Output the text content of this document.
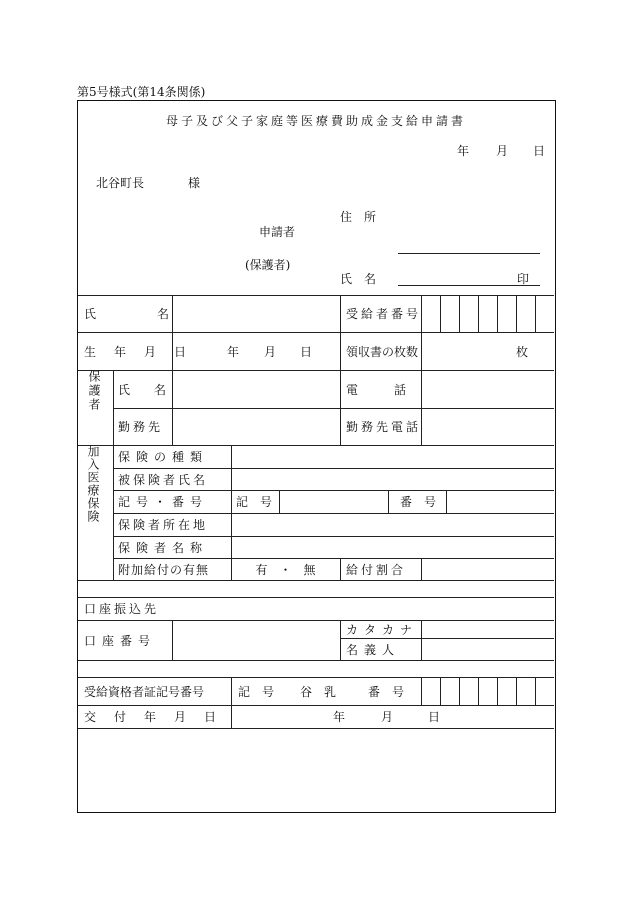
第5号様式(第14条関係)
母子及び父子家庭等医療費助成金支給申請書
年 月 日
北谷町長	様
住　所
申請者
(保護者)
氏　名	印
氏	名	受給者番号
生　年　月　日	年 月 日	領収書の枚数	枚
保護者 氏　　名	電　　　話
勤務先	勤務先電話
加入医療保険 保険の種類
被保険者氏名
記号・番号 記　号	番　号
保険者所在地
保険者名称
附加給付の有無	有　・　無	給付割合
口座振込先
口座番号
カタカナ
名義人
受給資格者証記号番号	記　号 谷　乳	番　号
交　付　年　月　日	年	月	日
